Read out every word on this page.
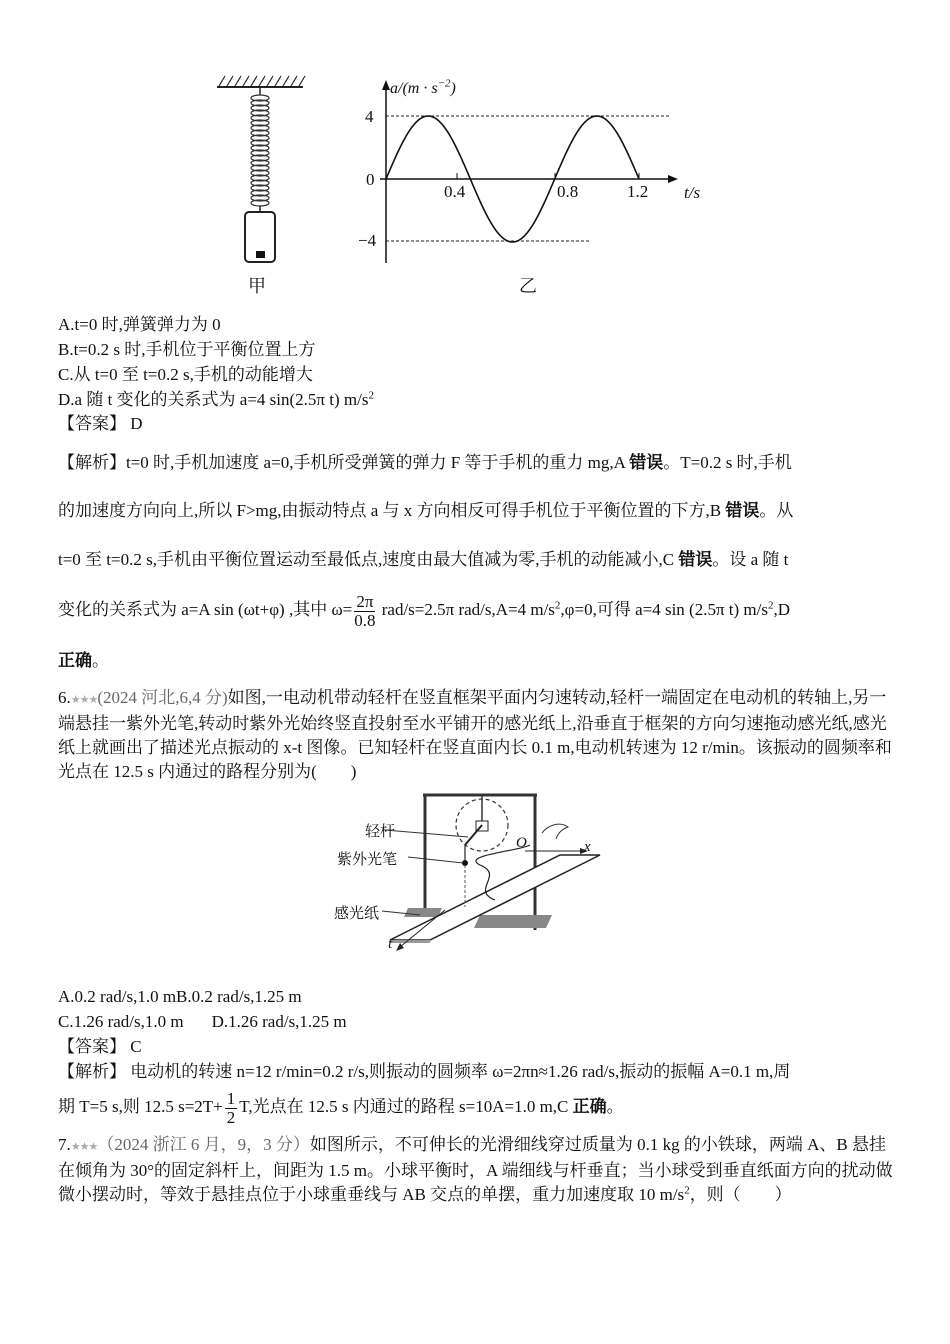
甲
$a/(m \cdot s^{-2})$
4
0
−4
0.4	0.8	1.2 t/s
乙
A.t=0 时,弹簧弹力为 0
B.t=0.2 s 时,手机位于平衡位置上方
C.从 t=0 至 t=0.2 s,手机的动能增大
D.a 随 t 变化的关系式为 a=4 sin(2.5π t) $m/s^2$
【答案】 D
【解析】t=0 时,手机加速度 a=0,手机所受弹簧的弹力 F 等于手机的重力 mg,A 错误。T=0.2 s 时,手机
的加速度方向向上,所以 F>mg,由振动特点 a 与 x 方向相反可得手机位于平衡位置的下方,B 错误。从
t=0 至 t=0.2 s,手机由平衡位置运动至最低点,速度由最大值减为零,手机的动能减小,C 错误。设 a 随 t
变化的关系式为 a=A sin (ωt+φ) ,其中 $\omega= \frac{2\pi}{0.8} rad/s=2.5\pi$ rad/s,A=4 $m/s^2,\varphi=0$,可得 a=4 sin (2.5π t) $m/s^2,D$
正确。
6.★★★(2024 河北,6,4 分)如图,一电动机带动轻杆在竖直框架平面内匀速转动,轻杆一端固定在电动机的转轴上,另一端悬挂一紫外光笔,转动时紫外光始终竖直投射至水平铺开的感光纸上,沿垂直于框架的方向匀速拖动感光纸,感光纸上就画出了描述光点振动的 x-t 图像。已知轻杆在竖直面内长 0.1 m,电动机转速为 12 r/min。该振动的圆频率和光点在 12.5 s 内通过的路程分别为(　　)
轻杆
紫外光笔
感光纸
O	x
t
A.0.2 rad/s,1.0 mB.0.2 rad/s,1.25 m
C.1.26 rad/s,1.0 m D.1.26 rad/s,1.25 m
【答案】 C
【解析】 电动机的转速 n=12 r/min=0.2 r/s,则振动的圆频率 ω=2πn≈1.26 rad/s,振动的振幅 A=0.1 m,周
期 T=5 s,则 12.5 $s=2T+ \frac{1}{2} T$,光点在 12.5 s 内通过的路程 s=10A=1.0 m,C 正确。
7.★★★（2024 浙江 6 月，9，3 分）如图所示，不可伸长的光滑细线穿过质量为 0.1 kg 的小铁球，两端 A、B 悬挂在倾角为 30°的固定斜杆上，间距为 1.5 m。小球平衡时，A 端细线与杆垂直；当小球受到垂直纸面方向的扰动做微小摆动时，等效于悬挂点位于小球重垂线与 AB 交点的单摆，重力加速度取 10 $m/s^2$，则（　　）
